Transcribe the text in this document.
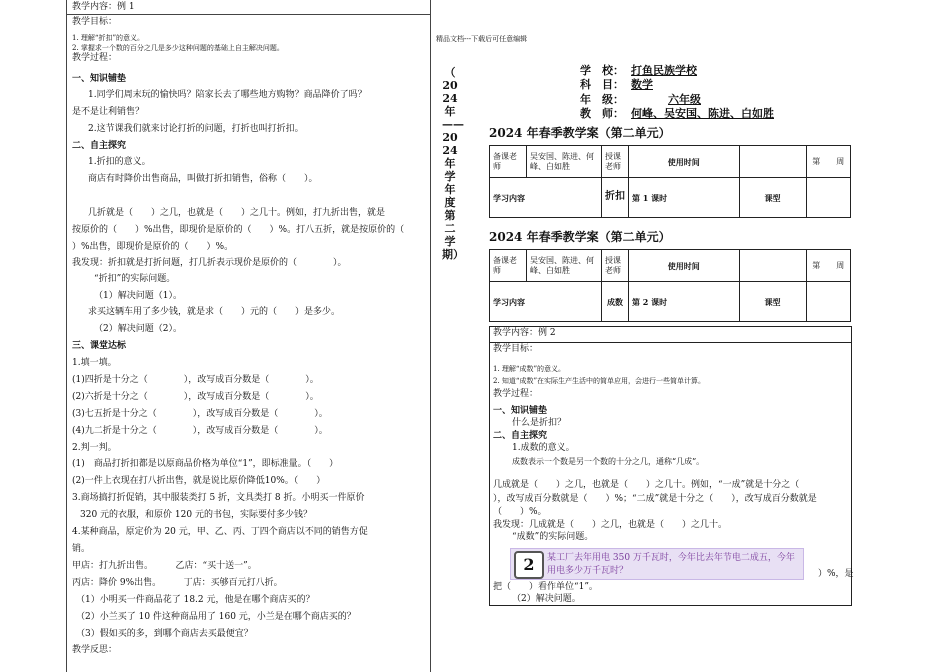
教学内容：例 1
教学目标：
1. 理解“折扣”的意义。
2. 掌握求一个数的百分之几是多少这种问题的基础上自主解决问题。
教学过程：
一、知识铺垫
1.同学们周末玩的愉快吗？陪家长去了哪些地方购物？商品降价了吗？
是不是让利销售？
2.这节课我们就来讨论打折的问题，打折也叫打折扣。
二、自主探究
1.折扣的意义。
商店有时降价出售商品，叫做打折扣销售，俗称（　　）。
几折就是（　　）之几，也就是（　　）之几十。例如，打九折出售，就是
按原价的（　　）%出售，即现价是原价的（　　）%。打八五折，就是按原价的（
）%出售，即现价是原价的（　　）%。
我发现：折扣就是打折问题，打几折表示现价是原价的（　　　　）。
“折扣”的实际问题。
（1）解决问题（1）。
求买这辆车用了多少钱，就是求（　　）元的（　　）是多少。
（2）解决问题（2）。
三、课堂达标
1.填一填。
(1)四折是十分之（　　　　），改写成百分数是（　　　　）。
(2)六折是十分之（　　　　），改写成百分数是（　　　　）。
(3)七五折是十分之（　　　　），改写成百分数是（　　　　）。
(4)九二折是十分之（　　　　），改写成百分数是（　　　　）。
2.判一判。
(1)　商品打折扣都是以原商品价格为单位“1”，即标准量。（　　）
(2)一件上衣现在打八折出售，就是说比原价降低10%。（　　）
3.商场搞打折促销，其中服装类打 5 折，文具类打 8 折。小明买一件原价
320 元的衣服，和原价 120 元的书包，实际要付多少钱？
4.某种商品，原定价为 20 元，甲、乙、丙、丁四个商店以不同的销售方促
销。
甲店：打九折出售。　　　乙店：“买十送一”。
丙店：降价 9%出售。　　　丁店：买够百元打八折。
（1）小明买一件商品花了 18.2 元，他是在哪个商店买的？
（2）小兰买了 10 件这种商品用了 160 元，小兰是在哪个商店买的？
（3）假如买的多，到哪个商店去买最便宜？
教学反思：
精品文档---下载后可任意编辑
（ 2024 年—— 2024 年学年度第二学期）
学　校： 打鱼民族学校
科　目： 数学
年　级：	六年级
教　师： 何峰、吴安国、陈进、白如胜
2024 年春季教学案（第二单元）
备课老师	吴安国、陈进、何峰、白如胜	授课老师	使用时间		第　　周
学习内容		折扣	第 1 课时	课型	
2024 年春季教学案（第二单元）
备课老师	吴安国、陈进、何峰、白如胜	授课老师	使用时间		第　　周
学习内容		成数	第 2 课时	课型	
教学内容：例 2
教学目标：
1. 理解“成数”的意义。
2. 知道“成数”在实际生产生活中的简单应用，会进行一些简单计算。
教学过程：
一、知识铺垫
什么是折扣？
二、自主探究
1.成数的意义。
成数表示一个数是另一个数的十分之几，通称“几成”。
几成就是（　　）之几，也就是（　　）之几十。例如，“一成”就是十分之（
），改写成百分数就是（　　）%；“二成”就是十分之（　　），改写成百分数就是
（　　）%。
我发现：几成就是（　　）之几，也就是（　　）之几十。
“成数”的实际问题。
2	某工厂去年用电 350 万千瓦时，今年比去年节电二成五，今年用电多少万千瓦时？	）%，是
把（　　）看作单位“1”。
（2）解决问题。
